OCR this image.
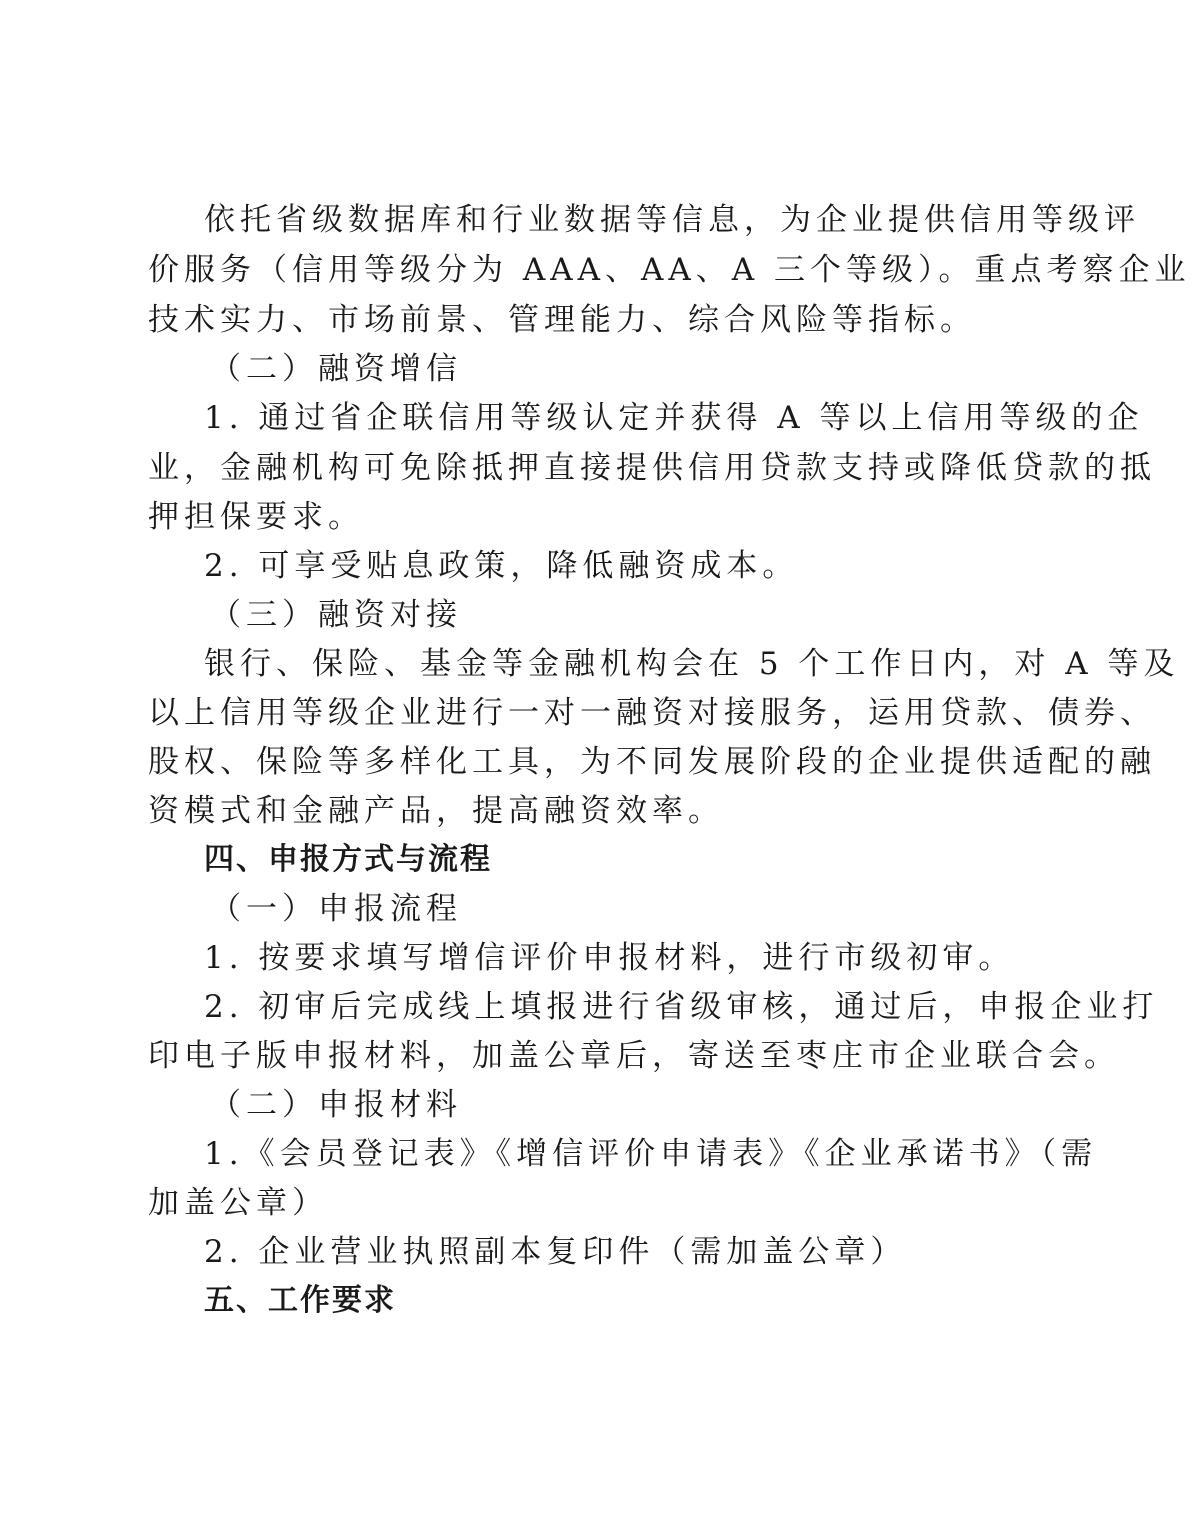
依托省级数据库和行业数据等信息，为企业提供信用等级评
价服务（信用等级分为 AAA、AA、A 三个等级）。重点考察企业
技术实力、市场前景、管理能力、综合风险等指标。
（二）融资增信
1. 通过省企联信用等级认定并获得 A 等以上信用等级的企
业，金融机构可免除抵押直接提供信用贷款支持或降低贷款的抵
押担保要求。
2. 可享受贴息政策，降低融资成本。
（三）融资对接
银行、保险、基金等金融机构会在 5 个工作日内，对 A 等及
以上信用等级企业进行一对一融资对接服务，运用贷款、债券、
股权、保险等多样化工具，为不同发展阶段的企业提供适配的融
资模式和金融产品，提高融资效率。
四、申报方式与流程
（一）申报流程
1. 按要求填写增信评价申报材料，进行市级初审。
2. 初审后完成线上填报进行省级审核，通过后，申报企业打
印电子版申报材料，加盖公章后，寄送至枣庄市企业联合会。
（二）申报材料
1.《会员登记表》《增信评价申请表》《企业承诺书》（需
加盖公章）
2. 企业营业执照副本复印件（需加盖公章）
五、工作要求
